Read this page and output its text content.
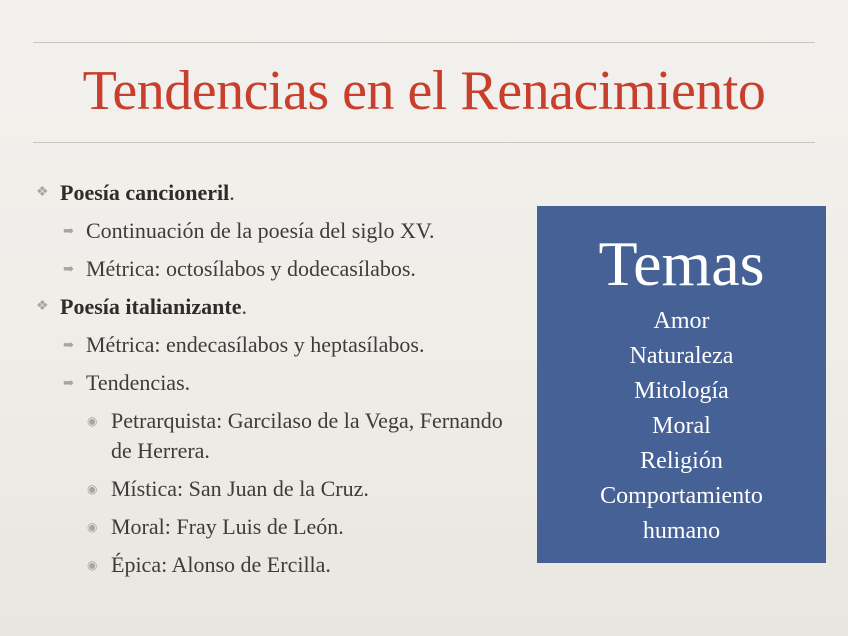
Tendencias en el Renacimiento
❖ Poesía cancioneril.
➡ Continuación de la poesía del siglo XV.
➡ Métrica: octosílabos y dodecasílabos.
❖ Poesía italianizante.
➡ Métrica: endecasílabos y heptasílabos.
➡ Tendencias.
◉ Petrarquista: Garcilaso de la Vega, Fernando de Herrera.
◉ Mística: San Juan de la Cruz.
◉ Moral: Fray Luis de León.
◉ Épica: Alonso de Ercilla.
Temas
Amor
Naturaleza
Mitología
Moral
Religión
Comportamiento
humano
